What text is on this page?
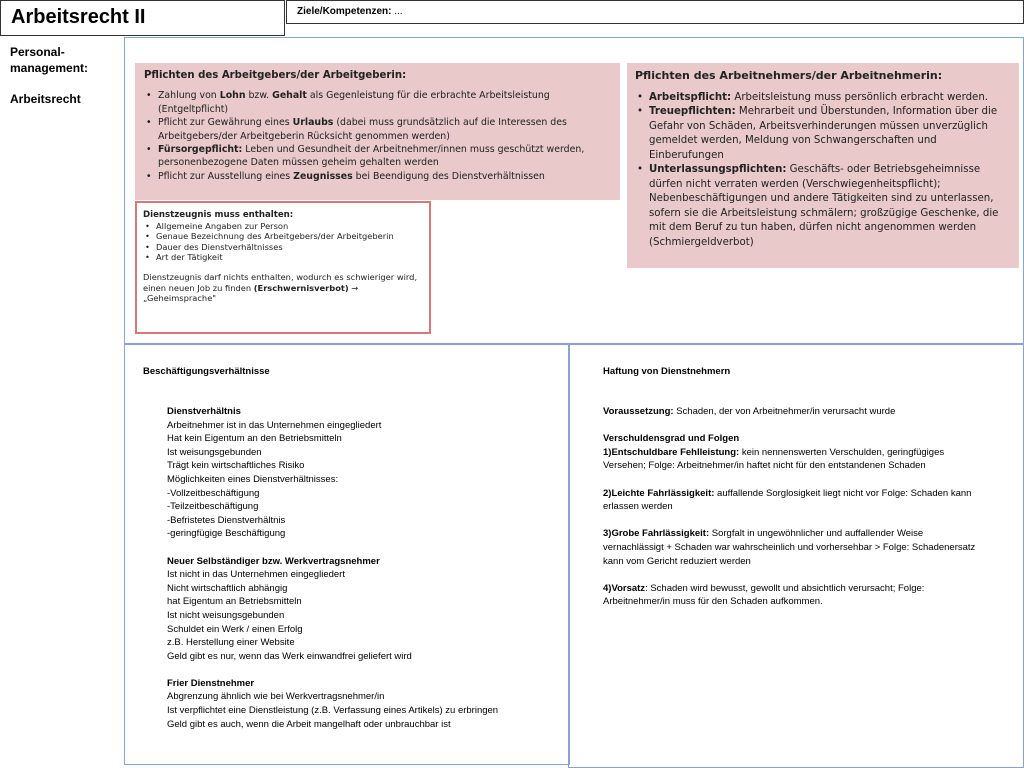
Arbeitsrecht II	Ziele/Kompetenzen: ...
Personal-
management:
Arbeitsrecht
Pflichten des Arbeitgebers/der Arbeitgeberin:
• Zahlung von Lohn bzw. Gehalt als Gegenleistung für die erbrachte Arbeitsleistung (Entgeltpflicht)
• Pflicht zur Gewährung eines Urlaubs (dabei muss grundsätzlich auf die Interessen des Arbeitgebers/der Arbeitgeberin Rücksicht genommen werden)
• Fürsorgepflicht: Leben und Gesundheit der Arbeitnehmer/innen muss geschützt werden, personenbezogene Daten müssen geheim gehalten werden
• Pflicht zur Ausstellung eines Zeugnisses bei Beendigung des Dienstverhältnissen
Pflichten des Arbeitnehmers/der Arbeitnehmerin:
• Arbeitspflicht: Arbeitsleistung muss persönlich erbracht werden.
• Treuepflichten: Mehrarbeit und Überstunden, Information über die Gefahr von Schäden, Arbeitsverhinderungen müssen unverzüglich gemeldet werden, Meldung von Schwangerschaften und Einberufungen
• Unterlassungspflichten: Geschäfts- oder Betriebsgeheimnisse dürfen nicht verraten werden (Verschwiegenheitspflicht); Nebenbeschäftigungen und andere Tätigkeiten sind zu unterlassen, sofern sie die Arbeitsleistung schmälern; großzügige Geschenke, die mit dem Beruf zu tun haben, dürfen nicht angenommen werden (Schmiergeldverbot)
Dienstzeugnis muss enthalten:
• Allgemeine Angaben zur Person
• Genaue Bezeichnung des Arbeitgebers/der Arbeitgeberin
• Dauer des Dienstverhältnisses
• Art der Tätigkeit
Dienstzeugnis darf nichts enthalten, wodurch es schwieriger wird, einen neuen Job zu finden (Erschwernisverbot) → „Geheimsprache"
Beschäftigungsverhältnisse
Dienstverhältnis
Arbeitnehmer ist in das Unternehmen eingegliedert
Hat kein Eigentum an den Betriebsmitteln
Ist weisungsgebunden
Trägt kein wirtschaftliches Risiko
Möglichkeiten eines Dienstverhältnisses:
-Vollzeitbeschäftigung
-Teilzeitbeschäftigung
-Befristetes Dienstverhältnis
-geringfügige Beschäftigung
Neuer Selbständiger bzw. Werkvertragsnehmer
Ist nicht in das Unternehmen eingegliedert
Nicht wirtschaftlich abhängig
hat Eigentum an Betriebsmitteln
Ist nicht weisungsgebunden
Schuldet ein Werk / einen Erfolg
z.B. Herstellung einer Website
Geld gibt es nur, wenn das Werk einwandfrei geliefert wird
Frier Dienstnehmer
Abgrenzung ähnlich wie bei Werkvertragsnehmer/in
Ist verpflichtet eine Dienstleistung (z.B. Verfassung eines Artikels) zu erbringen
Geld gibt es auch, wenn die Arbeit mangelhaft oder unbrauchbar ist
Haftung von Dienstnehmern
Voraussetzung: Schaden, der von Arbeitnehmer/in verursacht wurde
Verschuldensgrad und Folgen
1)Entschuldbare Fehlleistung: kein nennenswerten Verschulden, geringfügiges Versehen; Folge: Arbeitnehmer/in haftet nicht für den entstandenen Schaden
2)Leichte Fahrlässigkeit: auffallende Sorglosigkeit liegt nicht vor Folge: Schaden kann erlassen werden
3)Grobe Fahrlässigkeit: Sorgfalt in ungewöhnlicher und auffallender Weise vernachlässigt + Schaden war wahrscheinlich und vorhersehbar > Folge: Schadenersatz kann vom Gericht reduziert werden
4)Vorsatz: Schaden wird bewusst, gewollt und absichtlich verursacht; Folge: Arbeitnehmer/in muss für den Schaden aufkommen.
